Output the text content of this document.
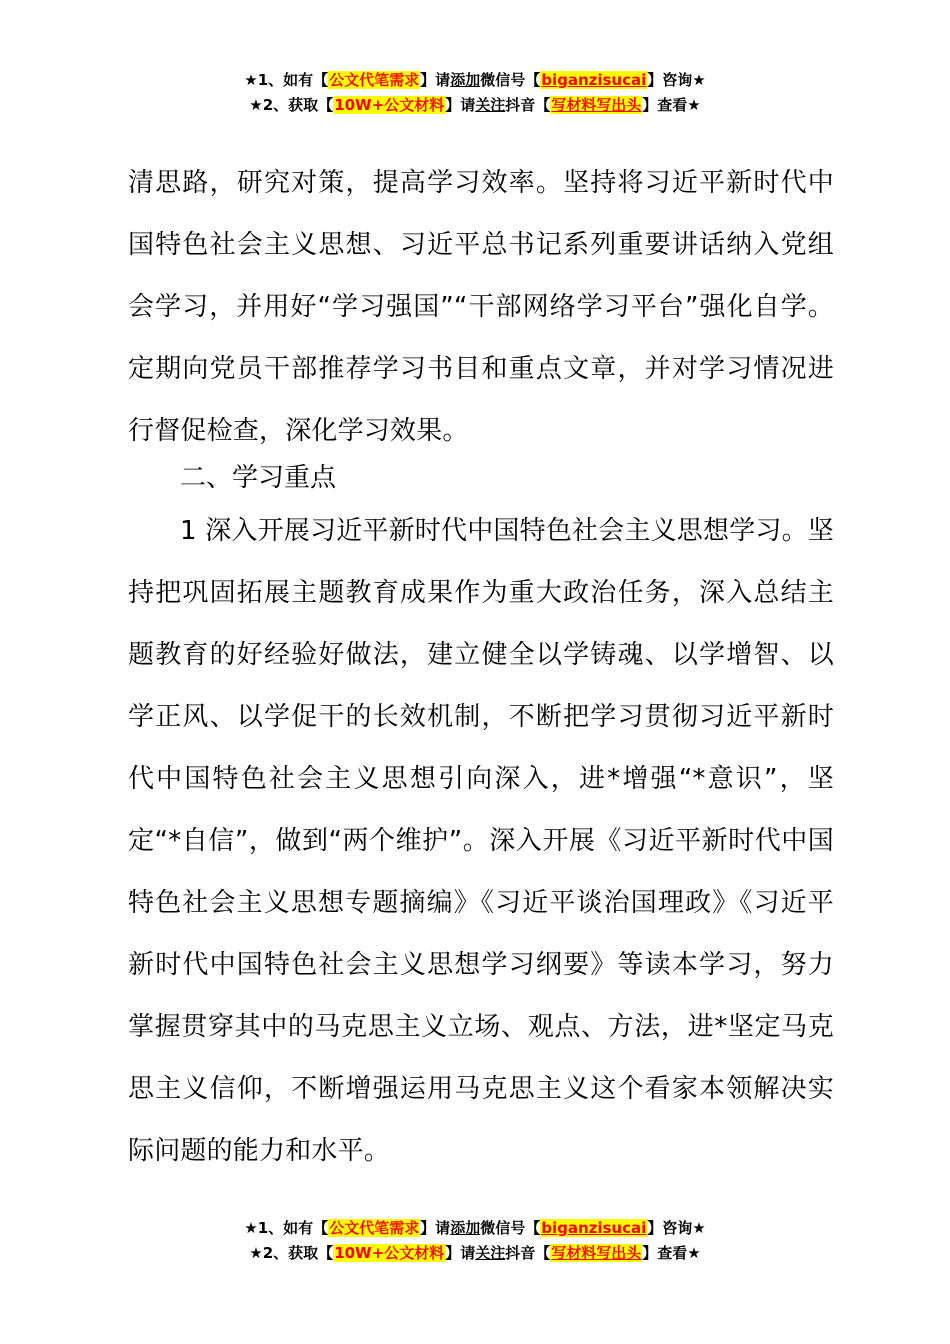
★1、如有【公文代笔需求】请添加微信号【biganzisucai】咨询★
★2、获取【10W+公文材料】请关注抖音【写材料写出头】查看★

清思路，研究对策，提高学习效率。坚持将习近平新时代中国特色社会主义思想、习近平总书记系列重要讲话纳入党组会学习，并用好“学习强国”“干部网络学习平台”强化自学。定期向党员干部推荐学习书目和重点文章，并对学习情况进行督促检查，深化学习效果。

二、学习重点

1 深入开展习近平新时代中国特色社会主义思想学习。坚持把巩固拓展主题教育成果作为重大政治任务，深入总结主题教育的好经验好做法，建立健全以学铸魂、以学增智、以学正风、以学促干的长效机制，不断把学习贯彻习近平新时代中国特色社会主义思想引向深入，进*增强“*意识”，坚定“*自信”，做到“两个维护”。深入开展《习近平新时代中国特色社会主义思想专题摘编》《习近平谈治国理政》《习近平新时代中国特色社会主义思想学习纲要》等读本学习，努力掌握贯穿其中的马克思主义立场、观点、方法，进*坚定马克思主义信仰，不断增强运用马克思主义这个看家本领解决实际问题的能力和水平。

★1、如有【公文代笔需求】请添加微信号【biganzisucai】咨询★
★2、获取【10W+公文材料】请关注抖音【写材料写出头】查看★
